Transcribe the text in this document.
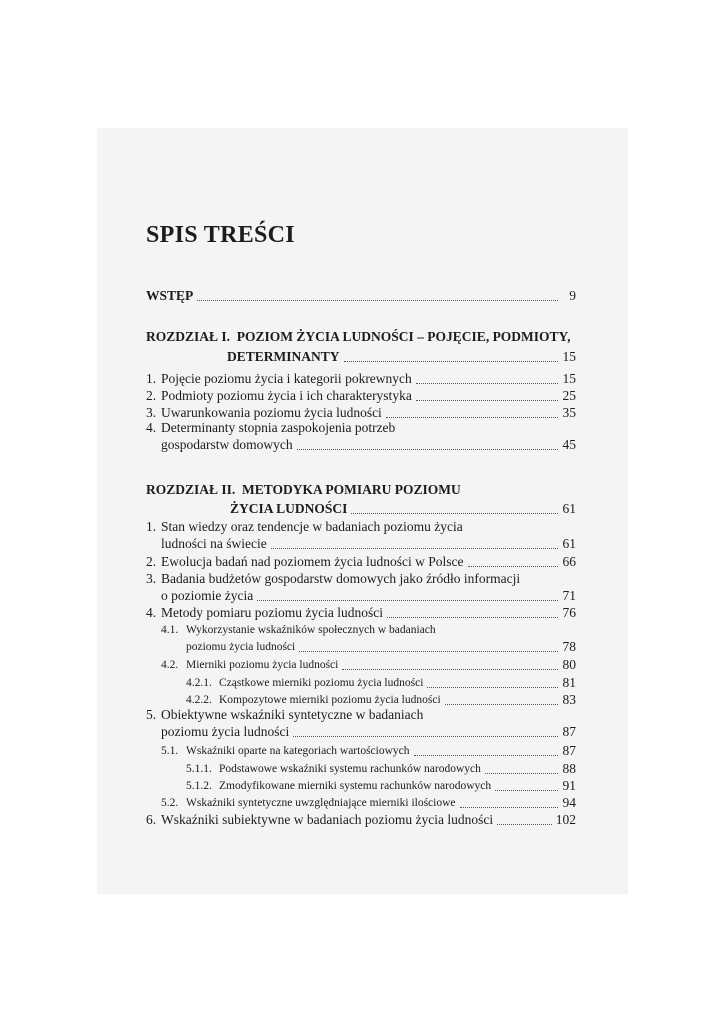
SPIS TREŚCI
WSTĘP	9
ROZDZIAŁ I. POZIOM ŻYCIA LUDNOŚCI – POJĘCIE, PODMIOTY,
DETERMINANTY	15
1. Pojęcie poziomu życia i kategorii pokrewnych	15
2. Podmioty poziomu życia i ich charakterystyka	25
3. Uwarunkowania poziomu życia ludności	35
4. Determinanty stopnia zaspokojenia potrzeb
gospodarstw domowych	45
ROZDZIAŁ II. METODYKA POMIARU POZIOMU
ŻYCIA LUDNOŚCI	61
1. Stan wiedzy oraz tendencje w badaniach poziomu życia
ludności na świecie	61
2. Ewolucja badań nad poziomem życia ludności w Polsce	66
3. Badania budżetów gospodarstw domowych jako źródło informacji
o poziomie życia	71
4. Metody pomiaru poziomu życia ludności	76
4.1. Wykorzystanie wskaźników społecznych w badaniach
poziomu życia ludności	78
4.2. Mierniki poziomu życia ludności	80
4.2.1. Cząstkowe mierniki poziomu życia ludności	81
4.2.2. Kompozytowe mierniki poziomu życia ludności	83
5. Obiektywne wskaźniki syntetyczne w badaniach
poziomu życia ludności	87
5.1. Wskaźniki oparte na kategoriach wartościowych	87
5.1.1. Podstawowe wskaźniki systemu rachunków narodowych	88
5.1.2. Zmodyfikowane mierniki systemu rachunków narodowych	91
5.2. Wskaźniki syntetyczne uwzględniające mierniki ilościowe	94
6. Wskaźniki subiektywne w badaniach poziomu życia ludności	102
